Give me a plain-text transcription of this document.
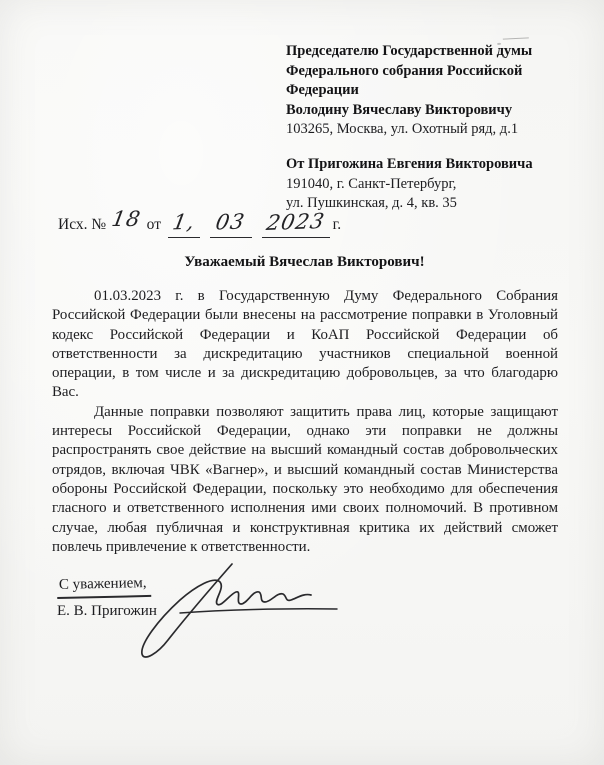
Председателю Государственной думы
Федерального собрания Российской
Федерации
Володину Вячеславу Викторовичу
103265, Москва, ул. Охотный ряд, д.1
От Пригожина Евгения Викторовича
191040, г. Санкт-Петербург,
ул. Пушкинская, д. 4, кв. 35
Исх. № 18 от 1, 03 2023 г.
Уважаемый Вячеслав Викторович!

01.03.2023 г. в Государственную Думу Федерального Собрания Российской Федерации были внесены на рассмотрение поправки в Уголовный кодекс Российской Федерации и КоАП Российской Федерации об ответственности за дискредитацию участников специальной военной операции, в том числе и за дискредитацию добровольцев, за что благодарю Вас.

Данные поправки позволяют защитить права лиц, которые защищают интересы Российской Федерации, однако эти поправки не должны распространять свое действие на высший командный состав добровольческих отрядов, включая ЧВК «Вагнер», и высший командный состав Министерства обороны Российской Федерации, поскольку это необходимо для обеспечения гласного и ответственного исполнения ими своих полномочий. В противном случае, любая публичная и конструктивная критика их действий сможет повлечь привлечение к ответственности.

С уважением,
Е. В. Пригожин
